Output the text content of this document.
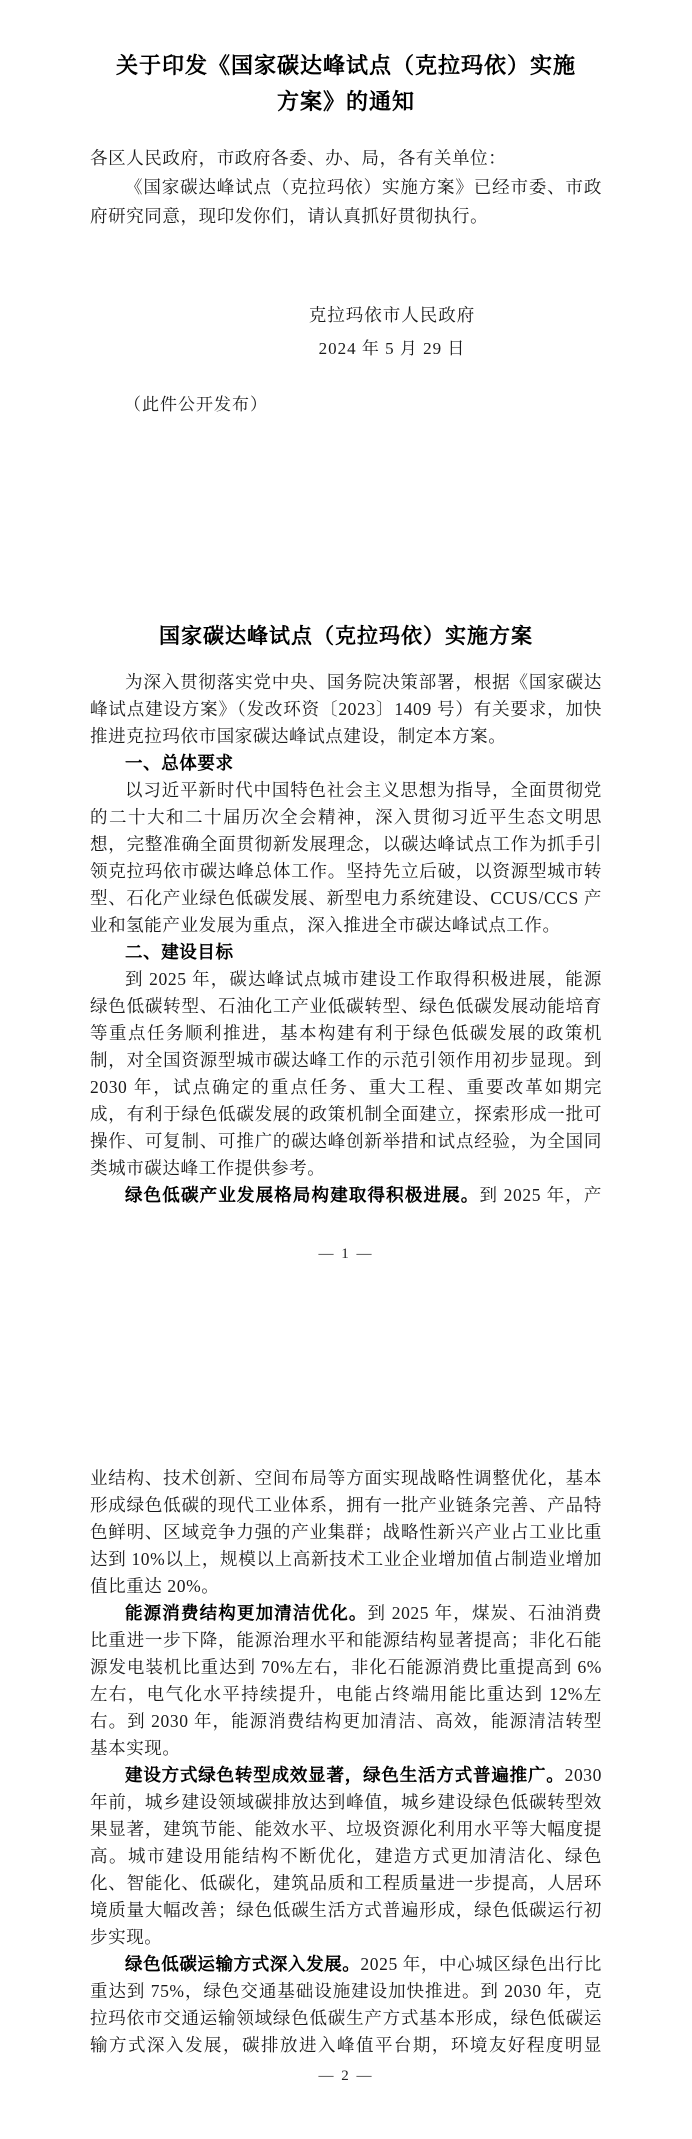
关于印发《国家碳达峰试点（克拉玛依）实施
方案》的通知

各区人民政府，市政府各委、办、局，各有关单位：

《国家碳达峰试点（克拉玛依）实施方案》已经市委、市政府研究同意，现印发你们，请认真抓好贯彻执行。

克拉玛依市人民政府
2024 年 5 月 29 日

（此件公开发布）

国家碳达峰试点（克拉玛依）实施方案

为深入贯彻落实党中央、国务院决策部署，根据《国家碳达峰试点建设方案》（发改环资〔2023〕1409 号）有关要求，加快推进克拉玛依市国家碳达峰试点建设，制定本方案。

一、总体要求

以习近平新时代中国特色社会主义思想为指导，全面贯彻党的二十大和二十届历次全会精神，深入贯彻习近平生态文明思想，完整准确全面贯彻新发展理念，以碳达峰试点工作为抓手引领克拉玛依市碳达峰总体工作。坚持先立后破，以资源型城市转型、石化产业绿色低碳发展、新型电力系统建设、CCUS/CCS 产业和氢能产业发展为重点，深入推进全市碳达峰试点工作。

二、建设目标

到 2025 年，碳达峰试点城市建设工作取得积极进展，能源绿色低碳转型、石油化工产业低碳转型、绿色低碳发展动能培育等重点任务顺利推进，基本构建有利于绿色低碳发展的政策机制，对全国资源型城市碳达峰工作的示范引领作用初步显现。到 2030 年，试点确定的重点任务、重大工程、重要改革如期完成，有利于绿色低碳发展的政策机制全面建立，探索形成一批可操作、可复制、可推广的碳达峰创新举措和试点经验，为全国同类城市碳达峰工作提供参考。

绿色低碳产业发展格局构建取得积极进展。到 2025 年，产

业结构、技术创新、空间布局等方面实现战略性调整优化，基本形成绿色低碳的现代工业体系，拥有一批产业链条完善、产品特色鲜明、区域竞争力强的产业集群；战略性新兴产业占工业比重达到 10%以上，规模以上高新技术工业企业增加值占制造业增加值比重达 20%。

能源消费结构更加清洁优化。到 2025 年，煤炭、石油消费比重进一步下降，能源治理水平和能源结构显著提高；非化石能源发电装机比重达到 70%左右，非化石能源消费比重提高到 6%左右，电气化水平持续提升，电能占终端用能比重达到 12%左右。到 2030 年，能源消费结构更加清洁、高效，能源清洁转型基本实现。

建设方式绿色转型成效显著，绿色生活方式普遍推广。2030 年前，城乡建设领域碳排放达到峰值，城乡建设绿色低碳转型效果显著，建筑节能、能效水平、垃圾资源化利用水平等大幅度提高。城市建设用能结构不断优化，建造方式更加清洁化、绿色化、智能化、低碳化，建筑品质和工程质量进一步提高，人居环境质量大幅改善；绿色低碳生活方式普遍形成，绿色低碳运行初步实现。

绿色低碳运输方式深入发展。2025 年，中心城区绿色出行比重达到 75%，绿色交通基础设施建设加快推进。到 2030 年，克拉玛依市交通运输领域绿色低碳生产方式基本形成，绿色低碳运输方式深入发展，碳排放进入峰值平台期，环境友好程度明显

— 1 —
— 2 —
